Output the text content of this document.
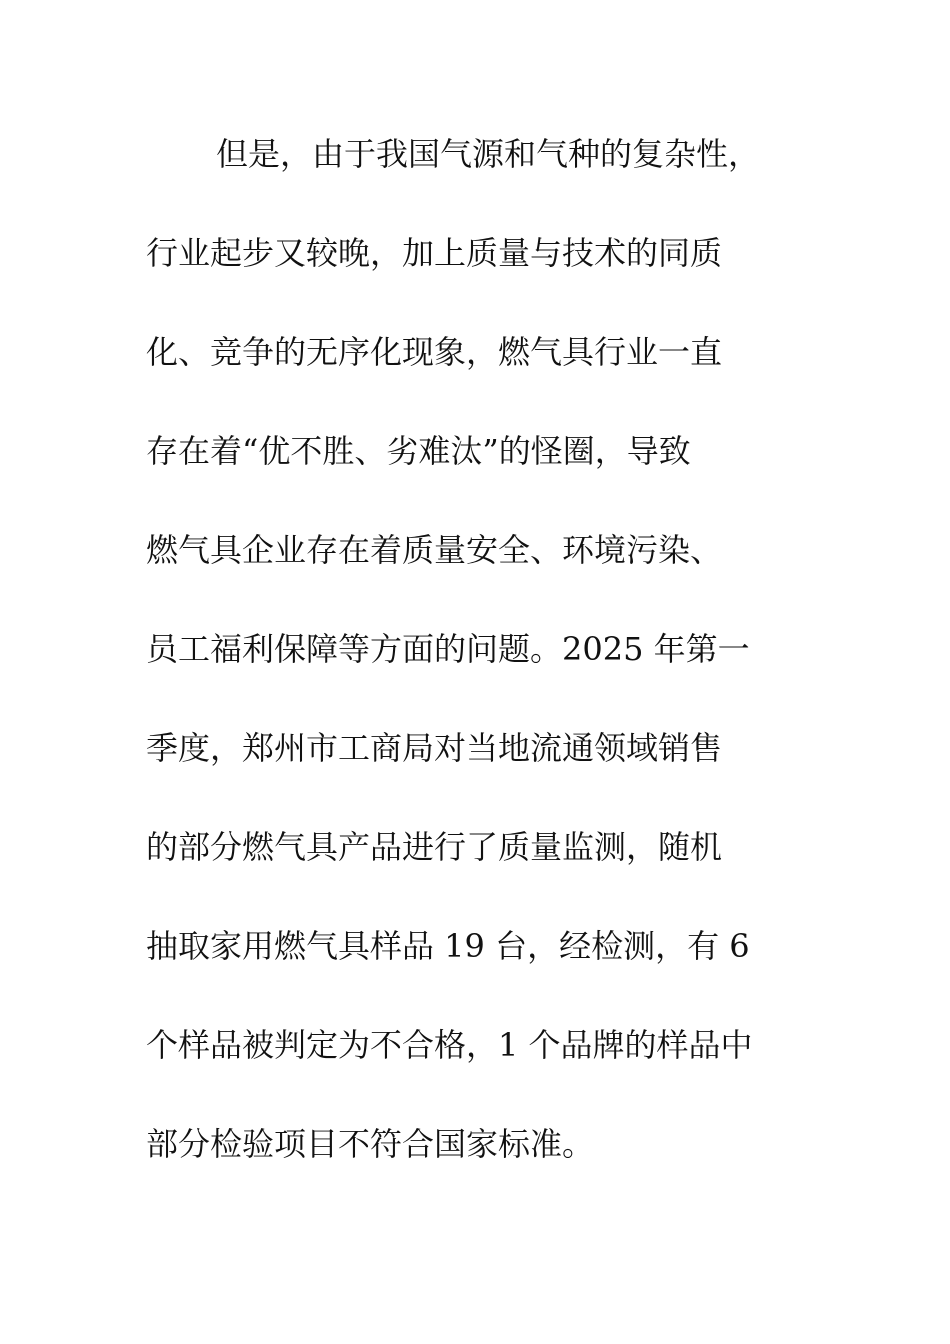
但是，由于我国气源和气种的复杂性，
行业起步又较晚，加上质量与技术的同质
化、竞争的无序化现象，燃气具行业一直
存在着“优不胜、劣难汰”的怪圈，导致
燃气具企业存在着质量安全、环境污染、
员工福利保障等方面的问题。2025 年第一
季度，郑州市工商局对当地流通领域销售
的部分燃气具产品进行了质量监测，随机
抽取家用燃气具样品 19 台，经检测，有 6
个样品被判定为不合格，1 个品牌的样品中
部分检验项目不符合国家标准。
